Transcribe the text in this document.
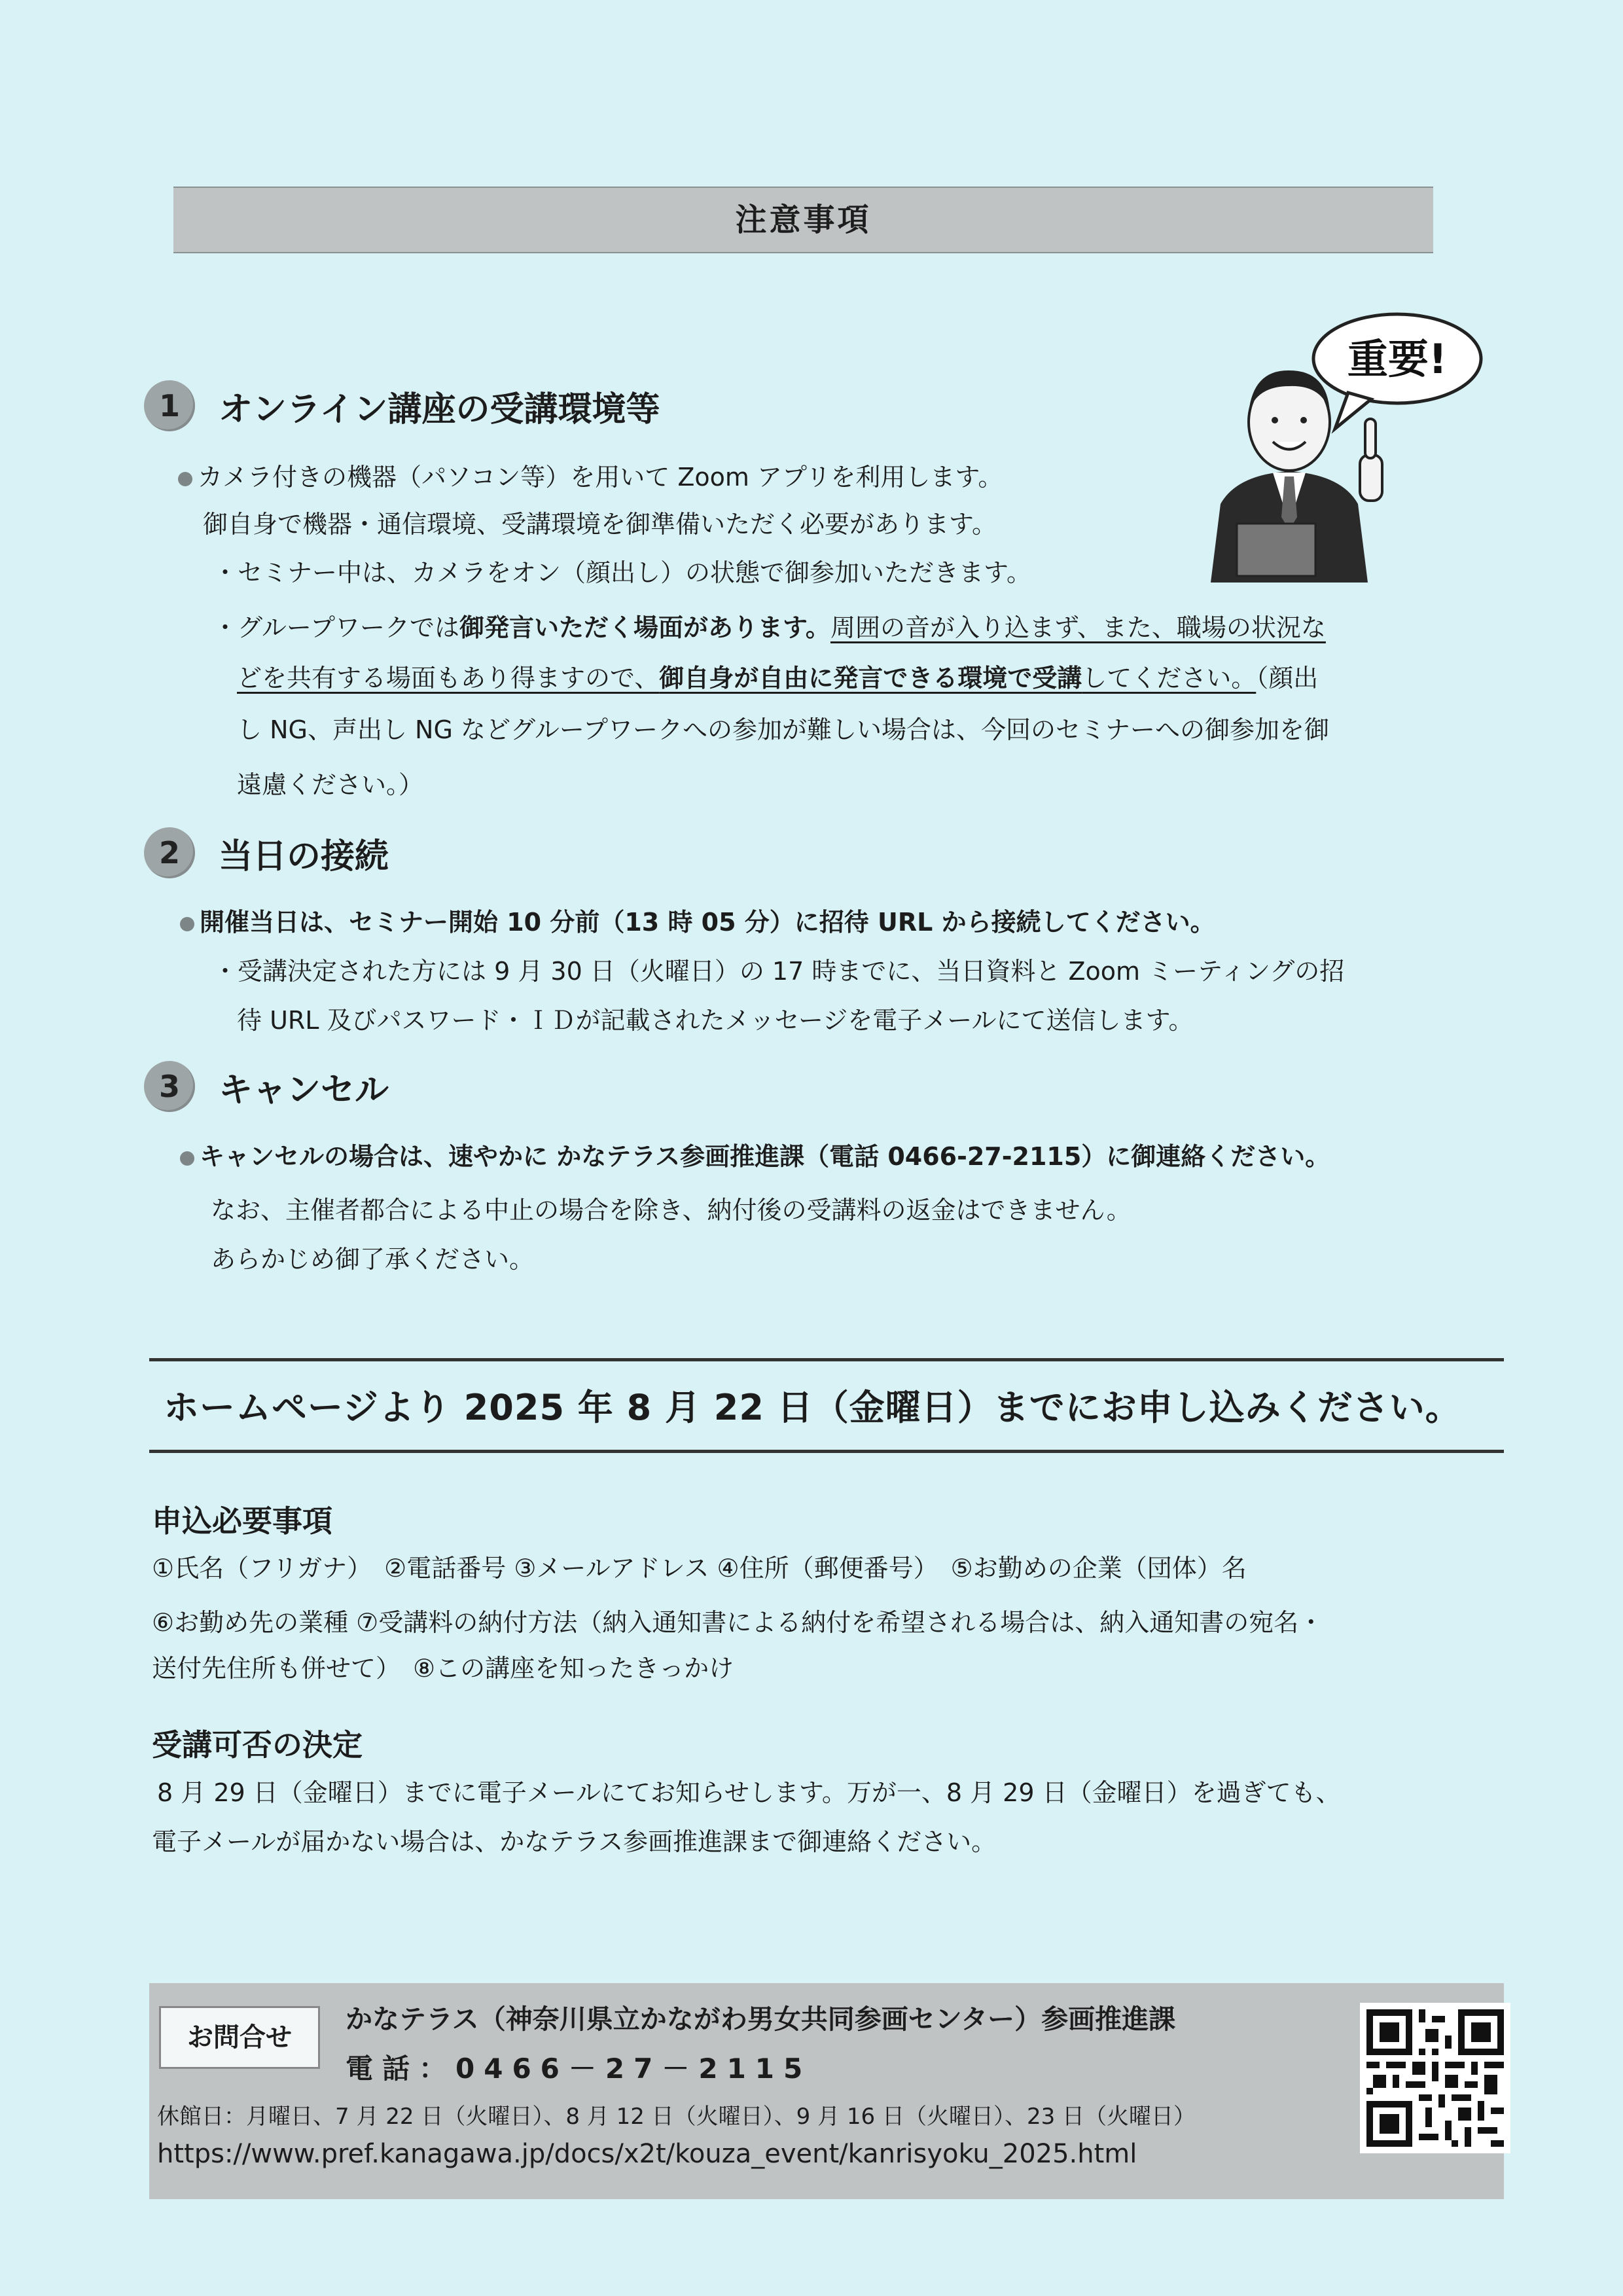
注意事項
重要!
1	オンライン講座の受講環境等
カメラ付きの機器（パソコン等）を用いて Zoom アプリを利用します。
御自身で機器・通信環境、受講環境を御準備いただく必要があります。
・セミナー中は、カメラをオン（顔出し）の状態で御参加いただきます。
・グループワークでは御発言いただく場面があります。周囲の音が入り込まず、また、職場の状況な
どを共有する場面もあり得ますので、御自身が自由に発言できる環境で受講してください。（顔出
し NG、声出し NG などグループワークへの参加が難しい場合は、今回のセミナーへの御参加を御
遠慮ください。）
2	当日の接続
開催当日は、セミナー開始 10 分前（13 時 05 分）に招待 URL から接続してください。
・受講決定された方には 9 月 30 日（火曜日）の 17 時までに、当日資料と Zoom ミーティングの招
待 URL 及びパスワード・ＩＤが記載されたメッセージを電子メールにて送信します。
3	キャンセル
キャンセルの場合は、速やかに かなテラス参画推進課（電話 0466-27-2115）に御連絡ください。
なお、主催者都合による中止の場合を除き、納付後の受講料の返金はできません。
あらかじめ御了承ください。
ホームページより 2025 年 8 月 22 日（金曜日）までにお申し込みください。
申込必要事項
①氏名（フリガナ）　②電話番号 ③メールアドレス ④住所（郵便番号）　⑤お勤めの企業（団体）名
⑥お勤め先の業種 ⑦受講料の納付方法（納入通知書による納付を希望される場合は、納入通知書の宛名・
送付先住所も併せて）　⑧この講座を知ったきっかけ
受講可否の決定
8 月 29 日（金曜日）までに電子メールにてお知らせします。万が一、8 月 29 日（金曜日）を過ぎても、
電子メールが届かない場合は、かなテラス参画推進課まで御連絡ください。
お問合せ
かなテラス（神奈川県立かながわ男女共同参画センター）参画推進課
電話：0466－27－2115
休館日：月曜日、7 月 22 日（火曜日）、8 月 12 日（火曜日）、9 月 16 日（火曜日）、23 日（火曜日）
https://www.pref.kanagawa.jp/docs/x2t/kouza_event/kanrisyoku_2025.html
